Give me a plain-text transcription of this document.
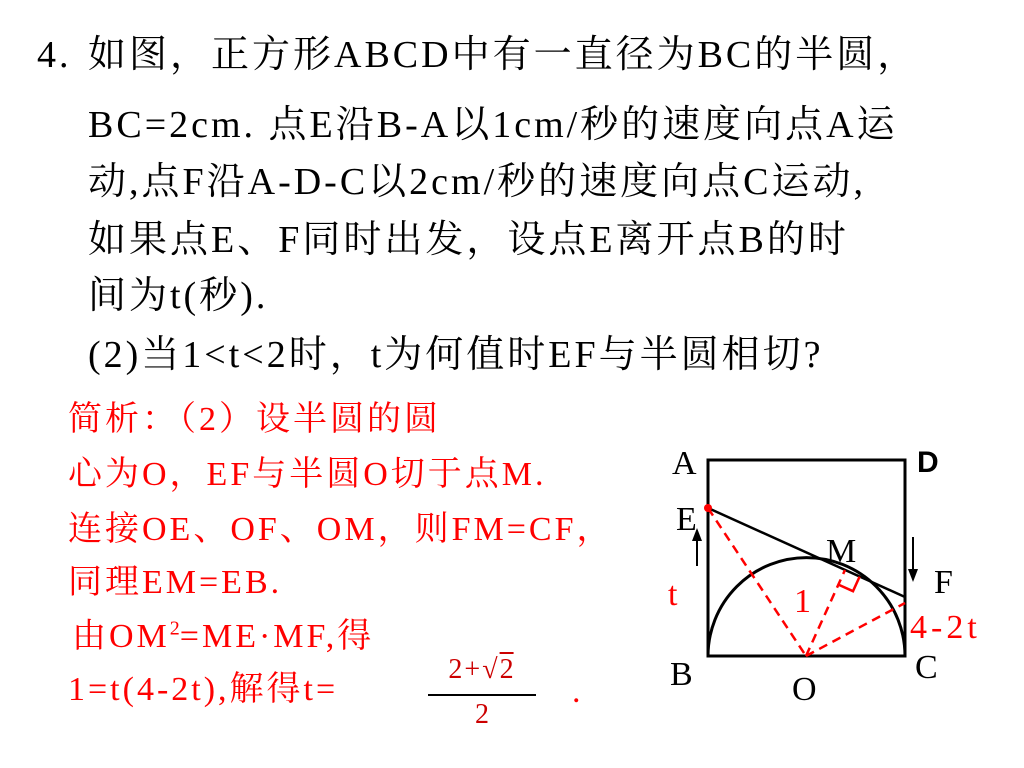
4. 如图，正方形ABCD中有一直径为BC的半圆，
BC=2cm. 点E沿B-A以1cm/秒的速度向点A运
动,点F沿A-D-C以2cm/秒的速度向点C运动,
如果点E、F同时出发，设点E离开点B的时
间为t(秒).
(2)当1<t<2时，t为何值时EF与半圆相切?
简析：（2）设半圆的圆
心为O，EF与半圆O切于点M.
连接OE、OF、OM，则FM=CF，
同理EM=EB.
由$OM^2=ME\cdot MF$,得
1=t(4-2t),解得t=
2+√2
2
.
A	D
E
M
F
B	C
O
t	1
4-2t
